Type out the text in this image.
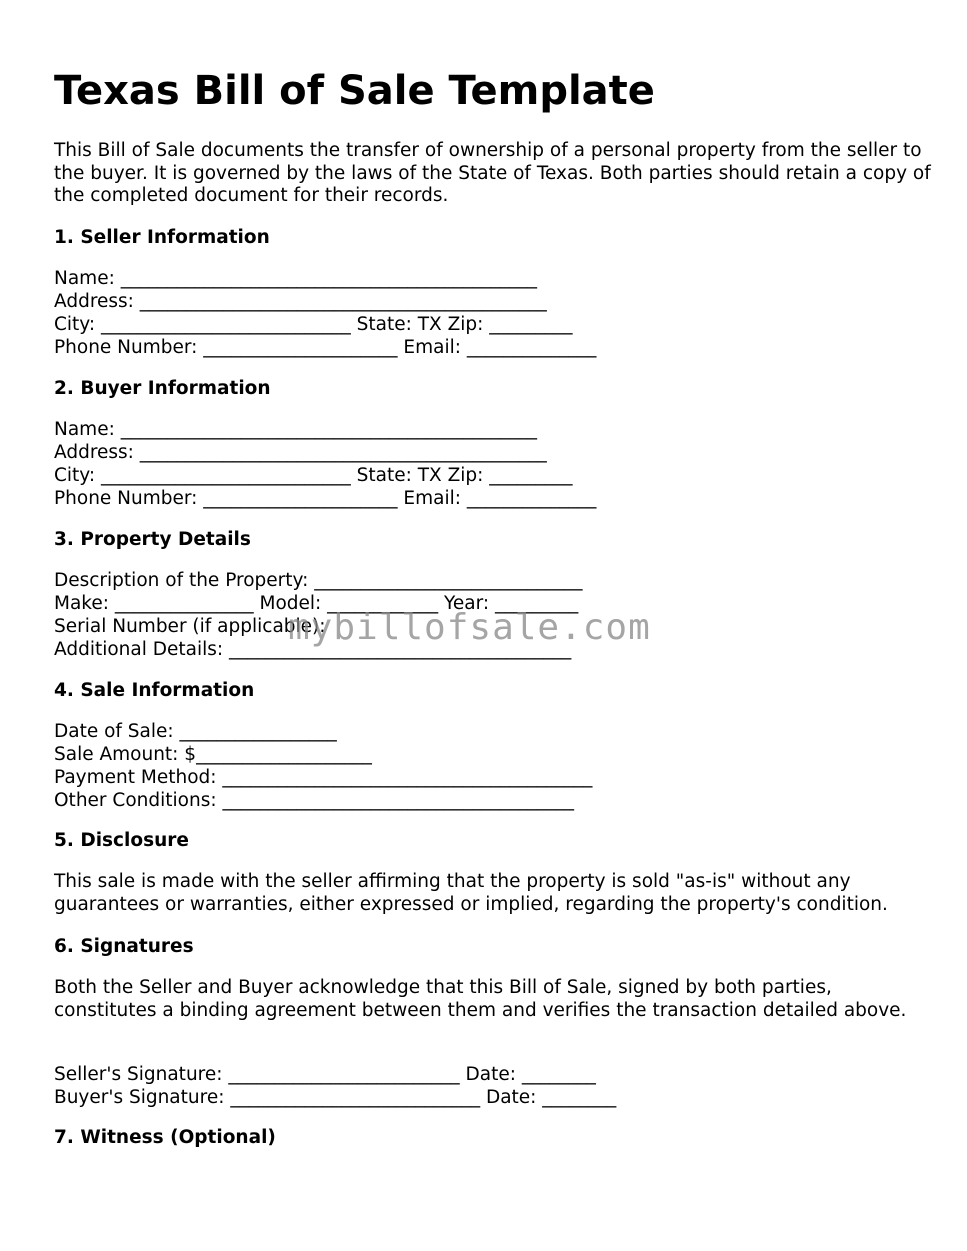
Texas Bill of Sale Template

This Bill of Sale documents the transfer of ownership of a personal property from the seller to the buyer. It is governed by the laws of the State of Texas. Both parties should retain a copy of the completed document for their records.

1. Seller Information

Name: _____________________________________________

Address: ____________________________________________

City: ___________________________ State: TX Zip: _________

Phone Number: _____________________ Email: ______________

2. Buyer Information

Name: _____________________________________________

Address: ____________________________________________

City: ___________________________ State: TX Zip: _________

Phone Number: _____________________ Email: ______________

3. Property Details

Description of the Property: _____________________________

Make: _______________ Model: ____________ Year: _________

Serial Number (if applicable):

Additional Details: _____________________________________

4. Sale Information

Date of Sale: _________________

Sale Amount: $___________________

Payment Method: ________________________________________

Other Conditions: ______________________________________

5. Disclosure

This sale is made with the seller affirming that the property is sold "as-is" without any guarantees or warranties, either expressed or implied, regarding the property's condition.

6. Signatures

Both the Seller and Buyer acknowledge that this Bill of Sale, signed by both parties, constitutes a binding agreement between them and verifies the transaction detailed above.

Seller's Signature: _________________________ Date: ________

Buyer's Signature: ___________________________ Date: ________

7. Witness (Optional)

mybillofsale.com
